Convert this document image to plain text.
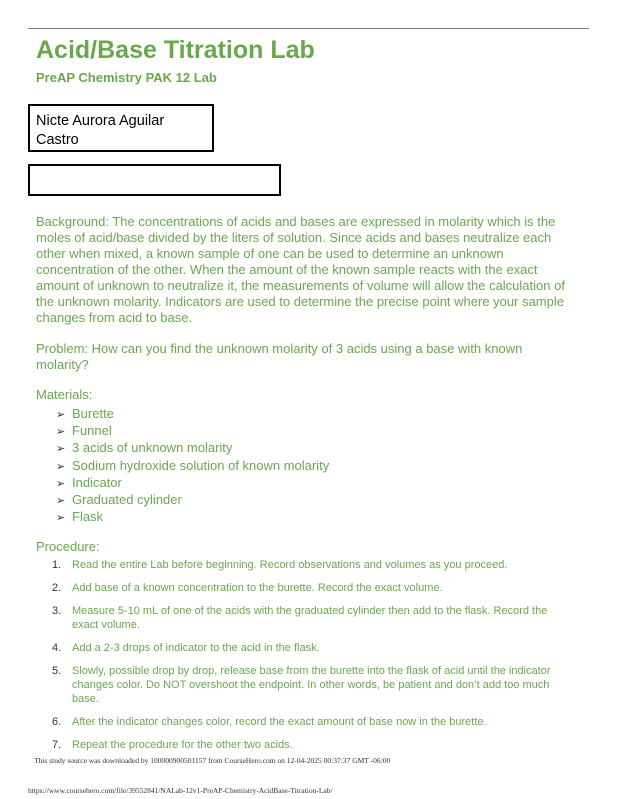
Acid/Base Titration Lab
PreAP Chemistry PAK 12 Lab
Nicte Aurora Aguilar
Castro

Background: The concentrations of acids and bases are expressed in molarity which is the moles of acid/base divided by the liters of solution. Since acids and bases neutralize each other when mixed, a known sample of one can be used to determine an unknown concentration of the other. When the amount of the known sample reacts with the exact amount of unknown to neutralize it, the measurements of volume will allow the calculation of the unknown molarity. Indicators are used to determine the precise point where your sample changes from acid to base.

Problem: How can you find the unknown molarity of 3 acids using a base with known molarity?

Materials:

➢ Burette
➢ Funnel
➢ 3 acids of unknown molarity
➢ Sodium hydroxide solution of known molarity
➢ Indicator
➢ Graduated cylinder
➢ Flask

Procedure:

1. Read the entire Lab before beginning. Record observations and volumes as you proceed.
2. Add base of a known concentration to the burette. Record the exact volume.
3. Measure 5-10 mL of one of the acids with the graduated cylinder then add to the flask. Record the exact volume.
4. Add a 2-3 drops of indicator to the acid in the flask.
5. Slowly, possible drop by drop, release base from the burette into the flask of acid until the indicator changes color. Do NOT overshoot the endpoint. In other words, be patient and don’t add too much base.
6. After the indicator changes color, record the exact amount of base now in the burette.
7. Repeat the procedure for the other two acids.
This study source was downloaded by 100000900501157 from CourseHero.com on 12-04-2025 00:37:37 GMT -06:00
https://www.coursehero.com/file/39552841/NALab-12v1-PreAP-Chemistry-AcidBase-Titration-Lab/
